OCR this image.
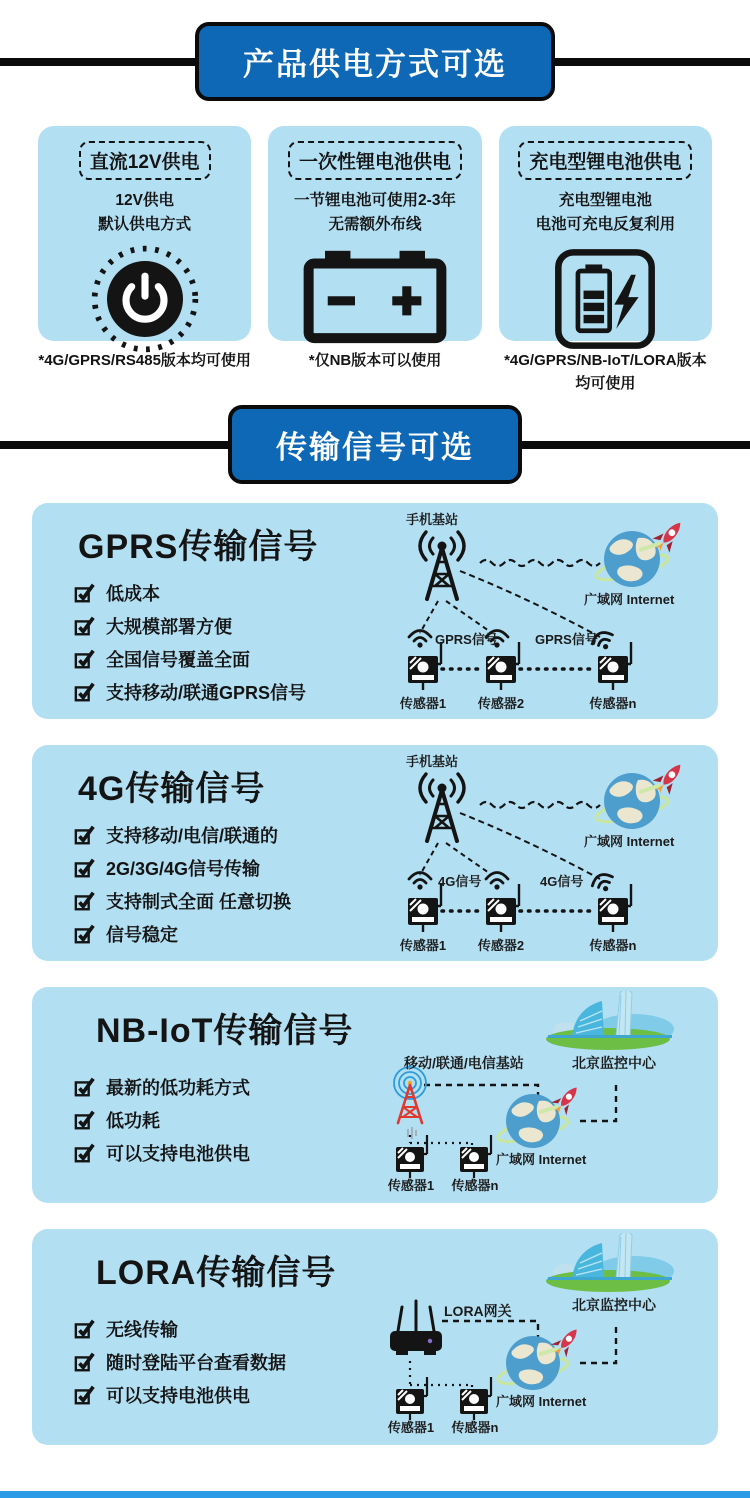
产品供电方式可选
直流12V供电
12V供电
默认供电方式
*4G/GPRS/RS485版本均可使用
一次性锂电池供电
一节锂电池可使用2-3年
无需额外布线
*仅NB版本可以使用
充电型锂电池供电
充电型锂电池
电池可充电反复利用
*4G/GPRS/NB-IoT/LORA版本均可使用
传输信号可选
GPRS传输信号
低成本
大规模部署方便
全国信号覆盖全面
支持移动/联通GPRS信号
手机基站
广域网 Internet
GPRS信号	GPRS信号
传感器1	传感器2	传感器n
4G传输信号
支持移动/电信/联通的
2G/3G/4G信号传输
支持制式全面 任意切换
信号稳定
手机基站
广域网 Internet
4G信号	4G信号
传感器1	传感器2	传感器n
NB-IoT传输信号
最新的低功耗方式
低功耗
可以支持电池供电
移动/联通/电信基站	北京监控中心
广域网 Internet
传感器1	传感器n
LORA传输信号
无线传输
随时登陆平台查看数据
可以支持电池供电
LORA网关	北京监控中心
广域网 Internet
传感器1	传感器n
